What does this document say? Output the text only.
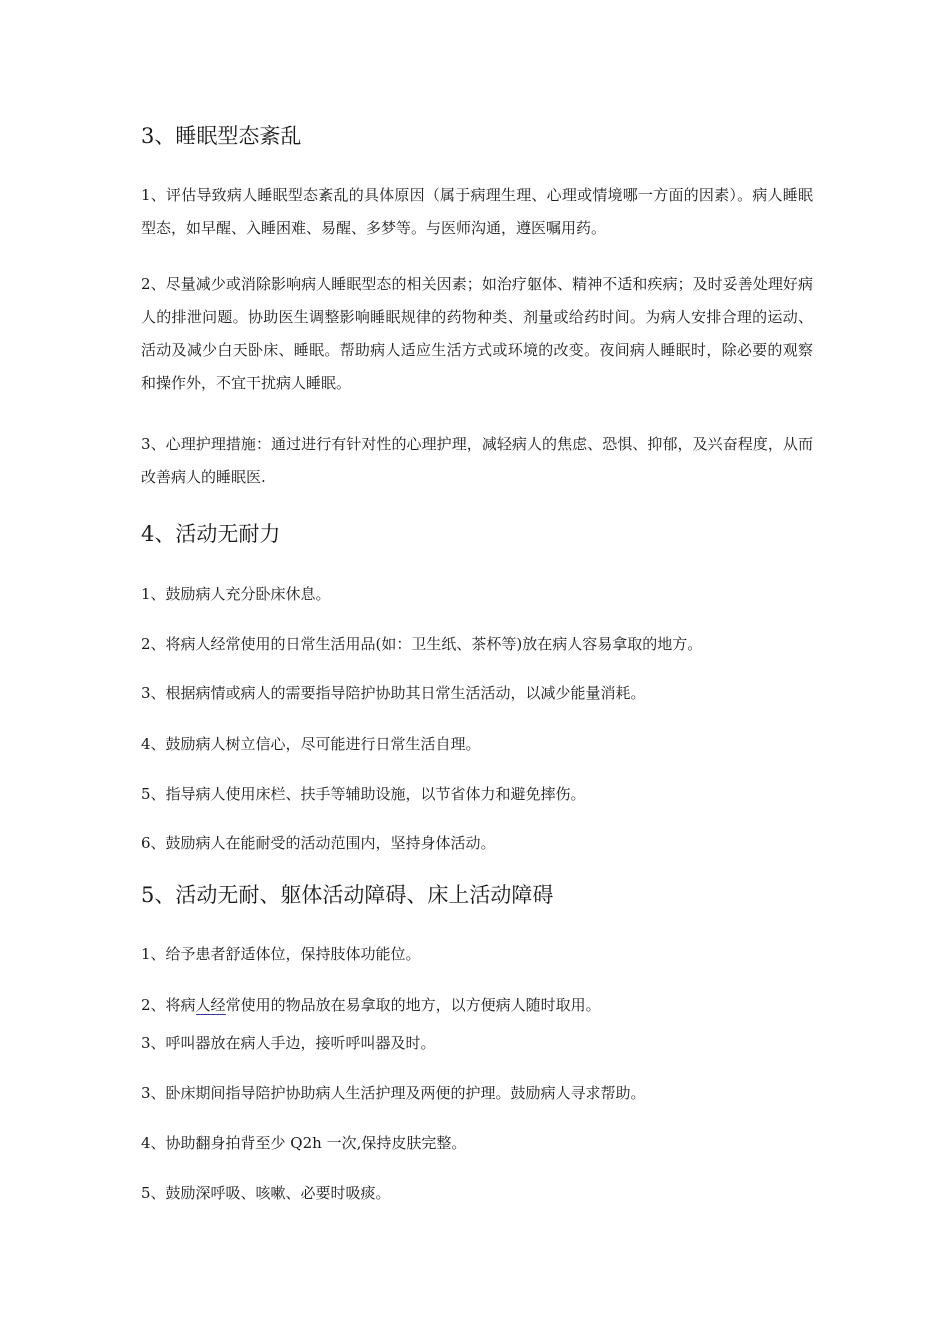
3、睡眠型态紊乱
1、评估导致病人睡眠型态紊乱的具体原因（属于病理生理、心理或情境哪一方面的因素）。病人睡眠型态，如早醒、入睡困难、易醒、多梦等。与医师沟通，遵医嘱用药。
2、尽量减少或消除影响病人睡眠型态的相关因素；如治疗躯体、精神不适和疾病；及时妥善处理好病人的排泄问题。协助医生调整影响睡眠规律的药物种类、剂量或给药时间。为病人安排合理的运动、活动及减少白天卧床、睡眠。帮助病人适应生活方式或环境的改变。夜间病人睡眠时，除必要的观察和操作外，不宜干扰病人睡眠。
3、心理护理措施：通过进行有针对性的心理护理，减轻病人的焦虑、恐惧、抑郁，及兴奋程度，从而改善病人的睡眠医.
4、活动无耐力
1、鼓励病人充分卧床休息。
2、将病人经常使用的日常生活用品(如：卫生纸、茶杯等)放在病人容易拿取的地方。
3、根据病情或病人的需要指导陪护协助其日常生活活动，以减少能量消耗。
4、鼓励病人树立信心，尽可能进行日常生活自理。
5、指导病人使用床栏、扶手等辅助设施，以节省体力和避免摔伤。
6、鼓励病人在能耐受的活动范围内，坚持身体活动。
5、活动无耐、躯体活动障碍、床上活动障碍
1、给予患者舒适体位，保持肢体功能位。
2、将病人经常使用的物品放在易拿取的地方，以方便病人随时取用。
3、呼叫器放在病人手边，接听呼叫器及时。
3、卧床期间指导陪护协助病人生活护理及两便的护理。鼓励病人寻求帮助。
4、协助翻身拍背至少 Q2h 一次,保持皮肤完整。
5、鼓励深呼吸、咳嗽、必要时吸痰。
